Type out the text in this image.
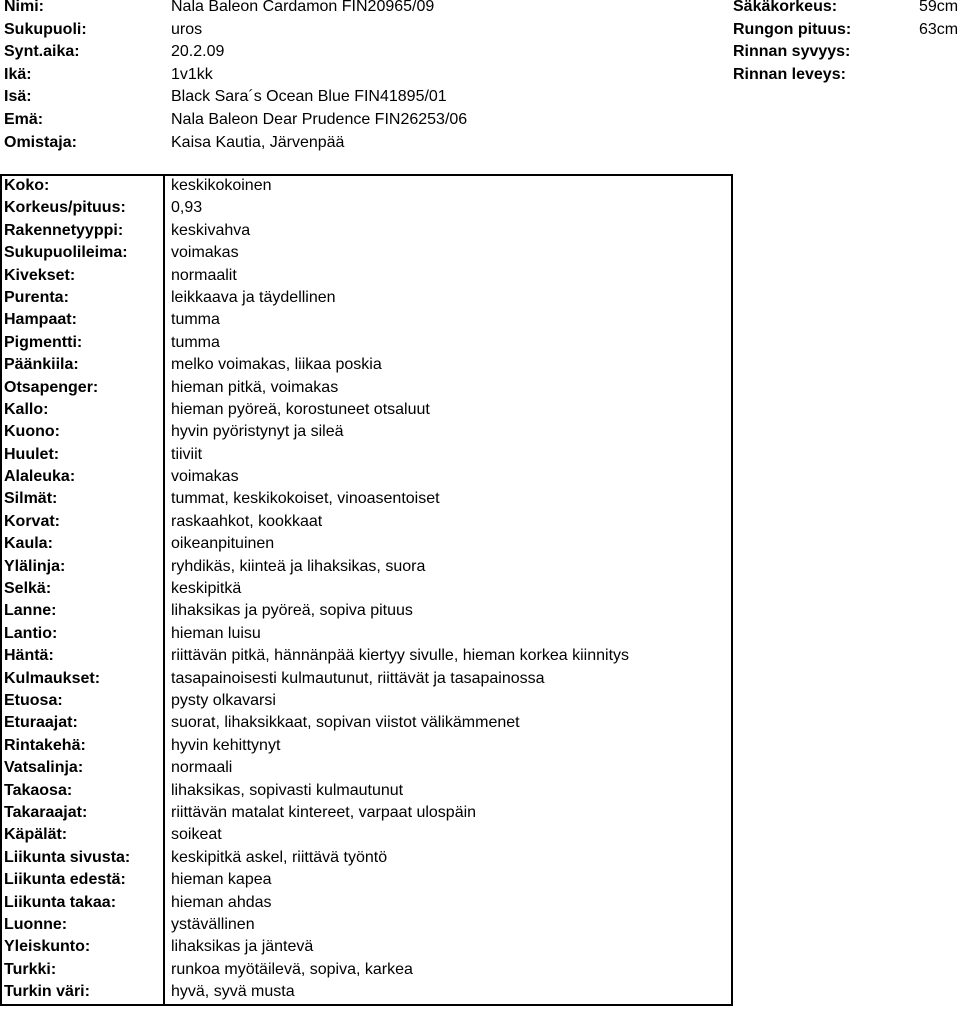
Nimi:	Nala Baleon Cardamon FIN20965/09
Sukupuoli:	uros
Synt.aika:	20.2.09
Ikä:	1v1kk
Isä:	Black Sara´s Ocean Blue FIN41895/01
Emä:	Nala Baleon Dear Prudence FIN26253/06
Omistaja:	Kaisa Kautia, Järvenpää
Säkäkorkeus:	59cm
Rungon pituus:	63cm
Rinnan syvyys:
Rinnan leveys:
Koko:	keskikokoinen
Korkeus/pituus:	0,93
Rakennetyyppi:	keskivahva
Sukupuolileima:	voimakas
Kivekset:	normaalit
Purenta:	leikkaava ja täydellinen
Hampaat:	tumma
Pigmentti:	tumma
Päänkiila:	melko voimakas, liikaa poskia
Otsapenger:	hieman pitkä, voimakas
Kallo:	hieman pyöreä, korostuneet otsaluut
Kuono:	hyvin pyöristynyt ja sileä
Huulet:	tiiviit
Alaleuka:	voimakas
Silmät:	tummat, keskikokoiset, vinoasentoiset
Korvat:	raskaahkot, kookkaat
Kaula:	oikeanpituinen
Ylälinja:	ryhdikäs, kiinteä ja lihaksikas, suora
Selkä:	keskipitkä
Lanne:	lihaksikas ja pyöreä, sopiva pituus
Lantio:	hieman luisu
Häntä:	riittävän pitkä, hännänpää kiertyy sivulle, hieman korkea kiinnitys
Kulmaukset:	tasapainoisesti kulmautunut, riittävät ja tasapainossa
Etuosa:	pysty olkavarsi
Eturaajat:	suorat, lihaksikkaat, sopivan viistot välikämmenet
Rintakehä:	hyvin kehittynyt
Vatsalinja:	normaali
Takaosa:	lihaksikas, sopivasti kulmautunut
Takaraajat:	riittävän matalat kintereet, varpaat ulospäin
Käpälät:	soikeat
Liikunta sivusta:	keskipitkä askel, riittävä työntö
Liikunta edestä:	hieman kapea
Liikunta takaa:	hieman ahdas
Luonne:	ystävällinen
Yleiskunto:	lihaksikas ja jäntevä
Turkki:	runkoa myötäilevä, sopiva, karkea
Turkin väri:	hyvä, syvä musta
